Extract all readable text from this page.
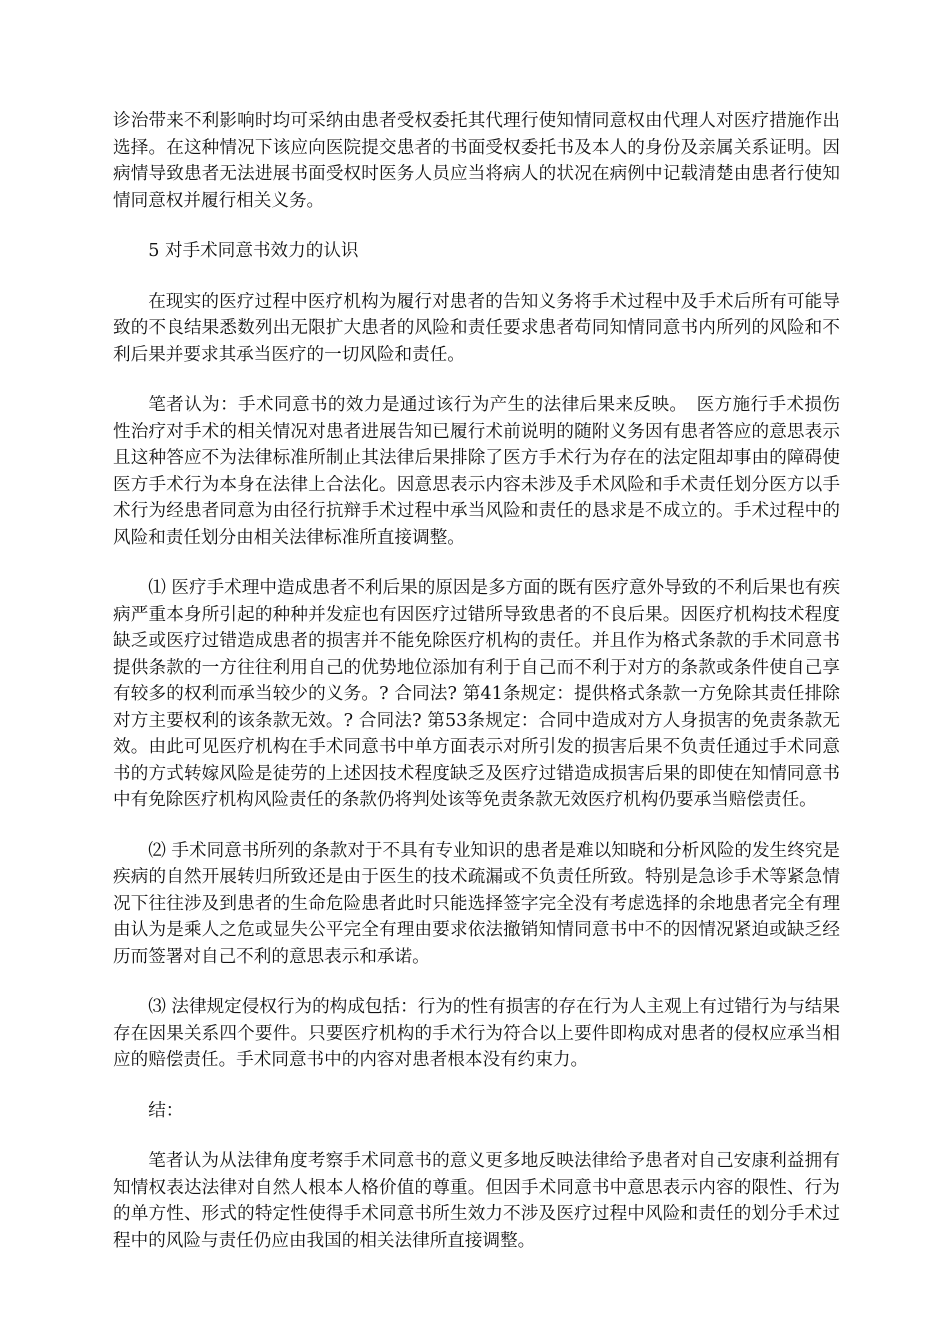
诊治带来不利影响时均可采纳由患者受权委托其代理行使知情同意权由代理人对医疗措施作出选择。在这种情况下该应向医院提交患者的书面受权委托书及本人的身份及亲属关系证明。因病情导致患者无法进展书面受权时医务人员应当将病人的状况在病例中记载清楚由患者行使知情同意权并履行相关义务。

5 对手术同意书效力的认识

在现实的医疗过程中医疗机构为履行对患者的告知义务将手术过程中及手术后所有可能导致的不良结果悉数列出无限扩大患者的风险和责任要求患者苟同知情同意书内所列的风险和不利后果并要求其承当医疗的一切风险和责任。

笔者认为：手术同意书的效力是通过该行为产生的法律后果来反映。　医方施行手术损伤性治疗对手术的相关情况对患者进展告知已履行术前说明的随附义务因有患者答应的意思表示且这种答应不为法律标准所制止其法律后果排除了医方手术行为存在的法定阻却事由的障碍使医方手术行为本身在法律上合法化。因意思表示内容未涉及手术风险和手术责任划分医方以手术行为经患者同意为由径行抗辩手术过程中承当风险和责任的恳求是不成立的。手术过程中的风险和责任划分由相关法律标准所直接调整。

⑴ 医疗手术理中造成患者不利后果的原因是多方面的既有医疗意外导致的不利后果也有疾病严重本身所引起的种种并发症也有因医疗过错所导致患者的不良后果。因医疗机构技术程度缺乏或医疗过错造成患者的损害并不能免除医疗机构的责任。并且作为格式条款的手术同意书提供条款的一方往往利用自己的优势地位添加有利于自己而不利于对方的条款或条件使自己享有较多的权利而承当较少的义务。? 合同法? 第41条规定：提供格式条款一方免除其责任排除对方主要权利的该条款无效。? 合同法? 第53条规定：合同中造成对方人身损害的免责条款无效。由此可见医疗机构在手术同意书中单方面表示对所引发的损害后果不负责任通过手术同意书的方式转嫁风险是徒劳的上述因技术程度缺乏及医疗过错造成损害后果的即使在知情同意书中有免除医疗机构风险责任的条款仍将判处该等免责条款无效医疗机构仍要承当赔偿责任。

⑵ 手术同意书所列的条款对于不具有专业知识的患者是难以知晓和分析风险的发生终究是疾病的自然开展转归所致还是由于医生的技术疏漏或不负责任所致。特别是急诊手术等紧急情况下往往涉及到患者的生命危险患者此时只能选择签字完全没有考虑选择的余地患者完全有理由认为是乘人之危或显失公平完全有理由要求依法撤销知情同意书中不的因情况紧迫或缺乏经历而签署对自己不利的意思表示和承诺。

⑶ 法律规定侵权行为的构成包括：行为的性有损害的存在行为人主观上有过错行为与结果存在因果关系四个要件。只要医疗机构的手术行为符合以上要件即构成对患者的侵权应承当相应的赔偿责任。手术同意书中的内容对患者根本没有约束力。

结：

笔者认为从法律角度考察手术同意书的意义更多地反映法律给予患者对自己安康利益拥有知情权表达法律对自然人根本人格价值的尊重。但因手术同意书中意思表示内容的限性、行为的单方性、形式的特定性使得手术同意书所生效力不涉及医疗过程中风险和责任的划分手术过程中的风险与责任仍应由我国的相关法律所直接调整。
